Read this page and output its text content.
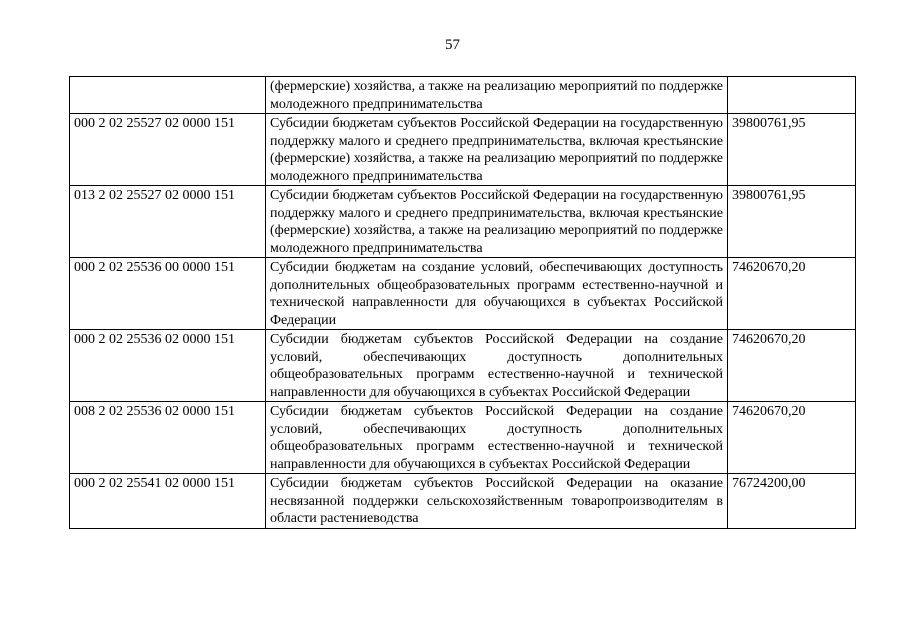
57
	(фермерские) хозяйства, а также на реализацию мероприятий по поддержке молодежного предпринимательства	
000 2 02 25527 02 0000 151	Субсидии бюджетам субъектов Российской Федерации на государственную поддержку малого и среднего предпринимательства, включая крестьянские (фермерские) хозяйства, а также на реализацию мероприятий по поддержке молодежного предпринимательства	39800761,95
013 2 02 25527 02 0000 151	Субсидии бюджетам субъектов Российской Федерации на государственную поддержку малого и среднего предпринимательства, включая крестьянские (фермерские) хозяйства, а также на реализацию мероприятий по поддержке молодежного предпринимательства	39800761,95
000 2 02 25536 00 0000 151	Субсидии бюджетам на создание условий, обеспечивающих доступность дополнительных общеобразовательных программ естественно-научной и технической направленности для обучающихся в субъектах Российской Федерации	74620670,20
000 2 02 25536 02 0000 151	Субсидии бюджетам субъектов Российской Федерации на создание условий, обеспечивающих доступность дополнительных общеобразовательных программ естественно-научной и технической направленности для обучающихся в субъектах Российской Федерации	74620670,20
008 2 02 25536 02 0000 151	Субсидии бюджетам субъектов Российской Федерации на создание условий, обеспечивающих доступность дополнительных общеобразовательных программ естественно-научной и технической направленности для обучающихся в субъектах Российской Федерации	74620670,20
000 2 02 25541 02 0000 151	Субсидии бюджетам субъектов Российской Федерации на оказание несвязанной поддержки сельскохозяйственным товаропроизводителям в области растениеводства	76724200,00
